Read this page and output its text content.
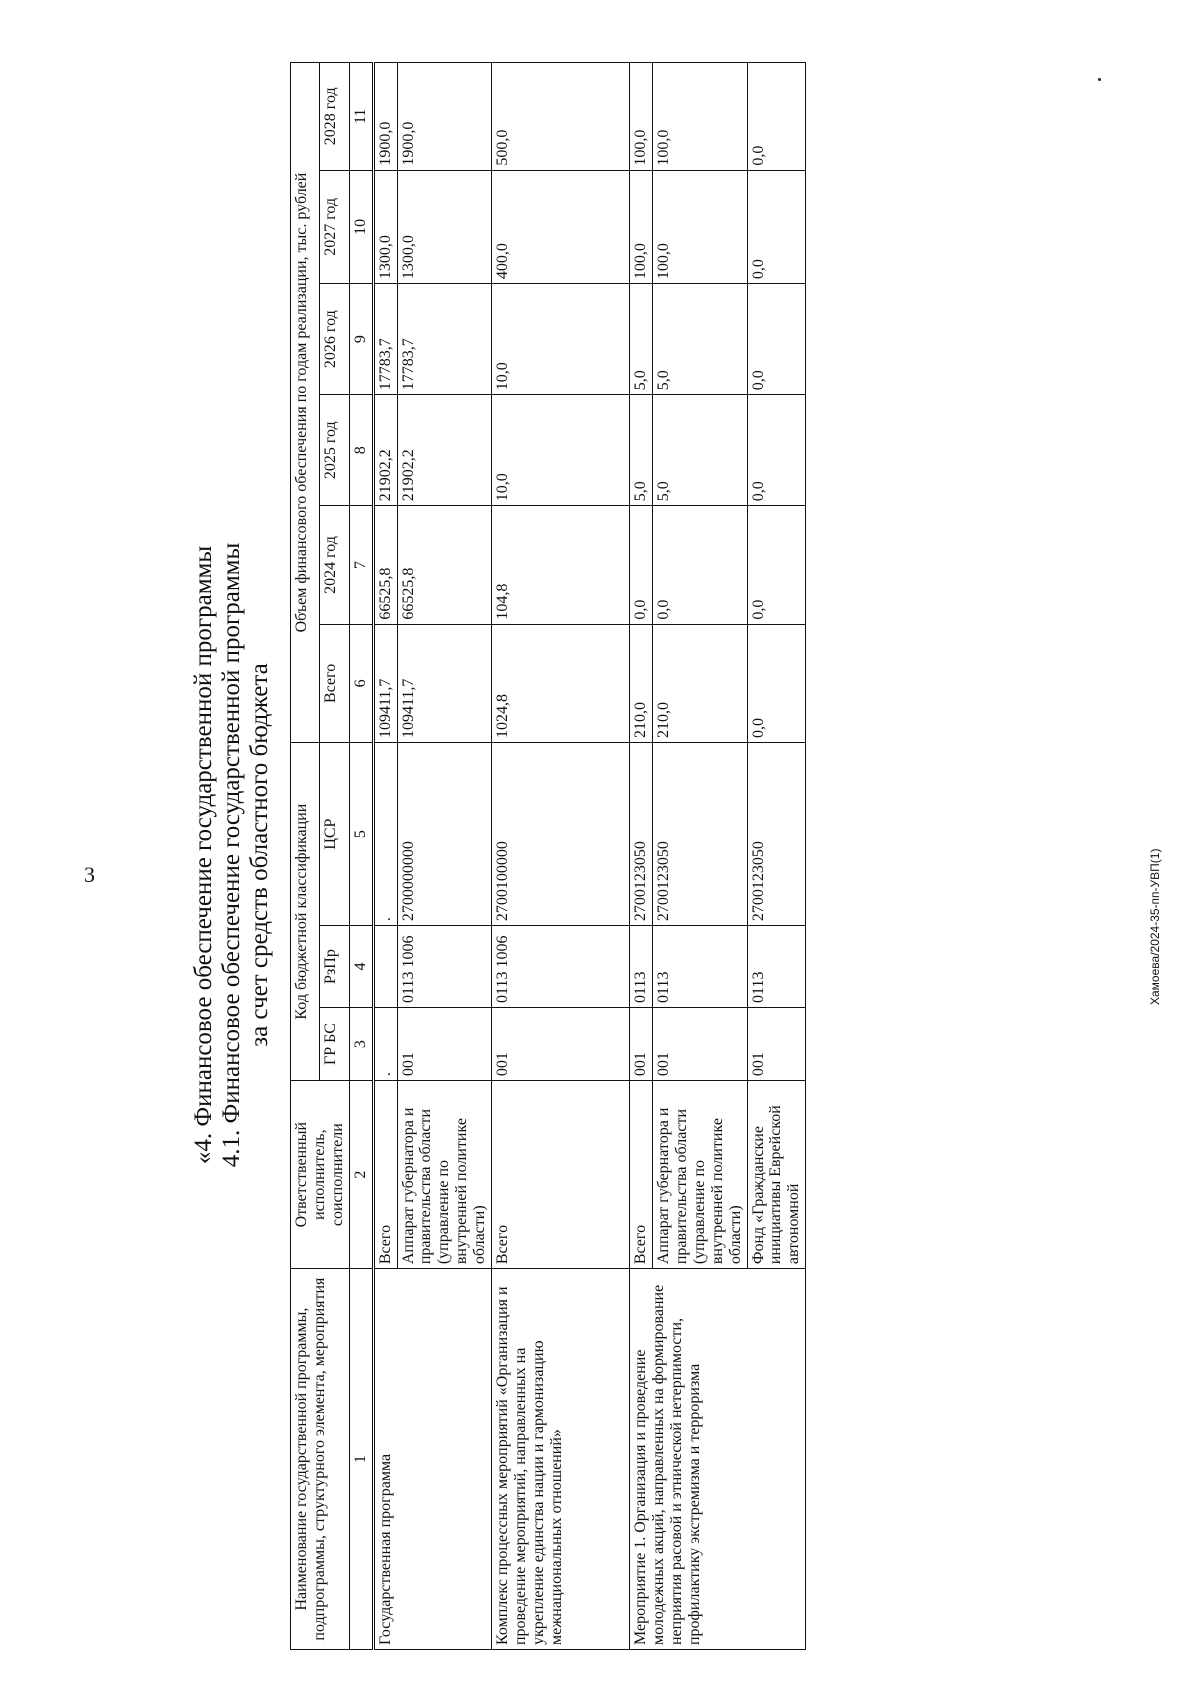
3	Хамоева/2024-35-пп-УВП(1)
«4. Финансовое обеспечение государственной программы 4.1. Финансовое обеспечение государственной программы за счет средств областного бюджета
Наименование государственной программы, подпрограммы, структурного элемента, мероприятия	Ответственный исполнитель, соисполнители	Код бюджетной классификации			Объем финансового обеспечения по годам реализации, тыс. рублей					
		ГР БС	РзПр	ЦСР	Всего	2024 год	2025 год	2026 год	2027 год	2028 год
1	2	3	4	5	6	7	8	9	10	11
Государственная программа	Всего	.		.	109411,7	66525,8	21902,2	17783,7	1300,0	1900,0
	Аппарат губернатора и правительства области (управление по внутренней политике области)	001	0113 1006	2700000000	109411,7	66525,8	21902,2	17783,7	1300,0	1900,0
Комплекс процессных мероприятий «Организация и проведение мероприятий, направленных на укрепление единства нации и гармонизацию межнациональных отношений»	Всего	001	0113 1006	2700100000	1024,8	104,8	10,0	10,0	400,0	500,0
Мероприятие 1. Организация и проведение молодежных акций, направленных на формирование неприятия расовой и этнической нетерпимости, профилактику экстремизма и терроризма	Всего	001	0113	2700123050	210,0	0,0	5,0	5,0	100,0	100,0
	Аппарат губернатора и правительства области (управление по внутренней политике области)	001	0113	2700123050	210,0	0,0	5,0	5,0	100,0	100,0
	Фонд «Гражданские инициативы Еврейской автономной	001	0113	2700123050	0,0	0,0	0,0	0,0	0,0	0,0
